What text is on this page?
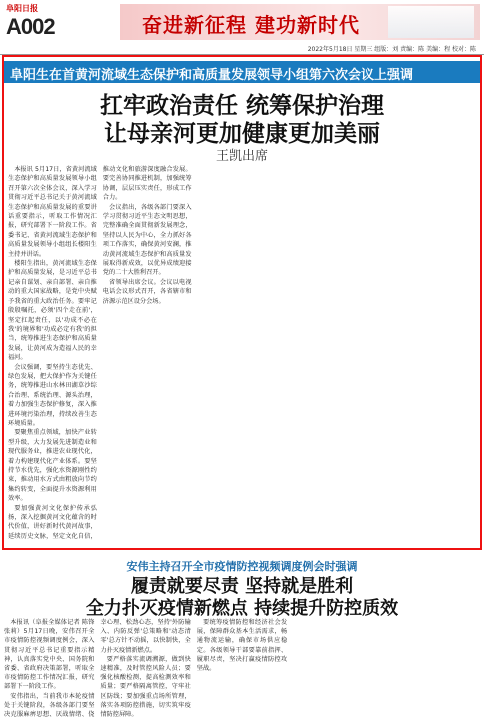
阜阳日报
A002	奋进新征程 建功新时代
2022年5月18日 星期三 组版：刘 责编：陈 美编：程 校对：陈
阜阳生在首黄河流域生态保护和高质量发展领导小组第六次会议上强调
扛牢政治责任 统筹保护治理
让母亲河更加健康更加美丽
王凯出席

本报讯 5月17日，省黄河流域生态保护和高质量发展领导小组召开第六次全体会议，深入学习贯彻习近平总书记关于黄河流域生态保护和高质量发展的重要讲话重要指示，听取工作情况汇报，研究部署下一阶段工作。省委书记、省黄河流域生态保护和高质量发展领导小组组长楼阳生主持并讲话。

楼阳生指出，黄河流域生态保护和高质量发展，是习近平总书记亲自谋划、亲自部署、亲自推动的重大国家战略，是党中央赋予我省的重大政治任务。要牢记殷殷嘱托，必须'四个走在前'，坚定扛起责任，以'功成不必在我'的境界和'功成必定有我'的担当，统筹推进生态保护和高质量发展，让黄河成为造福人民的幸福河。

会议强调，要坚持生态优先、绿色发展，把大保护作为关键任务，统筹推进山水林田湖草沙综合治理、系统治理、源头治理，着力加强生态保护修复，深入推进环境污染治理，持续改善生态环境质量。

要聚焦重点领域，加快产业转型升级，大力发展先进制造业和现代服务业，推进农业现代化，着力构建现代化产业体系。要坚持节水优先，强化水资源刚性约束，推动用水方式由粗放向节约集约转变，全面提升水资源利用效率。

要加强黄河文化保护传承弘扬，深入挖掘黄河文化蕴含的时代价值，讲好新时代黄河故事，延续历史文脉，坚定文化自信，推动文化和旅游深度融合发展。要完善协同推进机制，加强统筹协调，层层压实责任，形成工作合力。

会议指出，各级各部门要深入学习贯彻习近平生态文明思想，完整准确全面贯彻新发展理念，坚持以人民为中心，全力抓好各项工作落实，确保黄河安澜，推动黄河流域生态保护和高质量发展取得新成效，以优异成绩迎接党的二十大胜利召开。

省领导出席会议。会议以电视电话会议形式召开，各省辖市和济源示范区设分会场。

安伟主持召开全市疫情防控视频调度例会时强调
履责就要尽责 坚持就是胜利
全力扑灭疫情新燃点 持续提升防控质效

本报讯（阜报全媒体记者 陈锋 张莉）5月17日晚，安伟召开全市疫情防控视频调度例会，深入贯彻习近平总书记重要指示精神，认真落实党中央、国务院和省委、省政府决策部署，听取全市疫情防控工作情况汇报，研究部署下一阶段工作。

安伟指出，当前我市本轮疫情处于关键阶段，各级各部门要坚决克服麻痹思想、厌战情绪、侥幸心理、松劲心态，坚持'外防输入、内防反弹'总策略和'动态清零'总方针不动摇，以快制快，全力扑灭疫情新燃点。

要严格落实流调溯源，做到快速精准，及时管控风险人员；要强化核酸检测，提高检测效率和质量；要严格隔离管控，守牢社区防线；要加强重点场所管理，落实各项防控措施，切实筑牢疫情防控屏障。

要统筹疫情防控和经济社会发展，保障群众基本生活需求，畅通物流运输，确保市场供应稳定。各级领导干部要靠前指挥、履职尽责，坚决打赢疫情防控攻坚战。
